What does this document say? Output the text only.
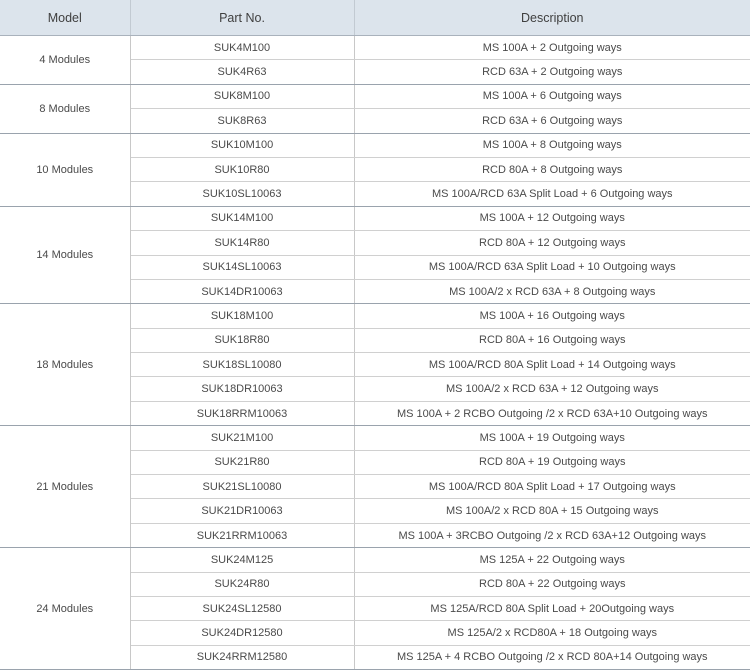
Model	Part No.	Description
4 Modules	SUK4M100	MS 100A + 2 Outgoing ways
	SUK4R63	RCD 63A + 2 Outgoing ways
8 Modules	SUK8M100	MS 100A + 6 Outgoing ways
	SUK8R63	RCD 63A + 6 Outgoing ways
10 Modules	SUK10M100	MS 100A + 8 Outgoing ways
	SUK10R80	RCD 80A + 8 Outgoing ways
	SUK10SL10063	MS 100A/RCD 63A Split Load + 6 Outgoing ways
14 Modules	SUK14M100	MS 100A + 12 Outgoing ways
	SUK14R80	RCD 80A + 12 Outgoing ways
	SUK14SL10063	MS 100A/RCD 63A Split Load + 10 Outgoing ways
	SUK14DR10063	MS 100A/2 x RCD 63A + 8 Outgoing ways
18 Modules	SUK18M100	MS 100A + 16 Outgoing ways
	SUK18R80	RCD 80A + 16 Outgoing ways
	SUK18SL10080	MS 100A/RCD 80A Split Load + 14 Outgoing ways
	SUK18DR10063	MS 100A/2 x RCD 63A + 12 Outgoing ways
	SUK18RRM10063	MS 100A + 2 RCBO Outgoing /2 x RCD 63A+10 Outgoing ways
21 Modules	SUK21M100	MS 100A + 19 Outgoing ways
	SUK21R80	RCD 80A + 19 Outgoing ways
	SUK21SL10080	MS 100A/RCD 80A Split Load + 17 Outgoing ways
	SUK21DR10063	MS 100A/2 x RCD 80A + 15 Outgoing ways
	SUK21RRM10063	MS 100A + 3RCBO Outgoing /2 x RCD 63A+12 Outgoing ways
24 Modules	SUK24M125	MS 125A + 22 Outgoing ways
	SUK24R80	RCD 80A + 22 Outgoing ways
	SUK24SL12580	MS 125A/RCD 80A Split Load + 20Outgoing ways
	SUK24DR12580	MS 125A/2 x RCD80A + 18 Outgoing ways
	SUK24RRM12580	MS 125A + 4 RCBO Outgoing /2 x RCD 80A+14 Outgoing ways
